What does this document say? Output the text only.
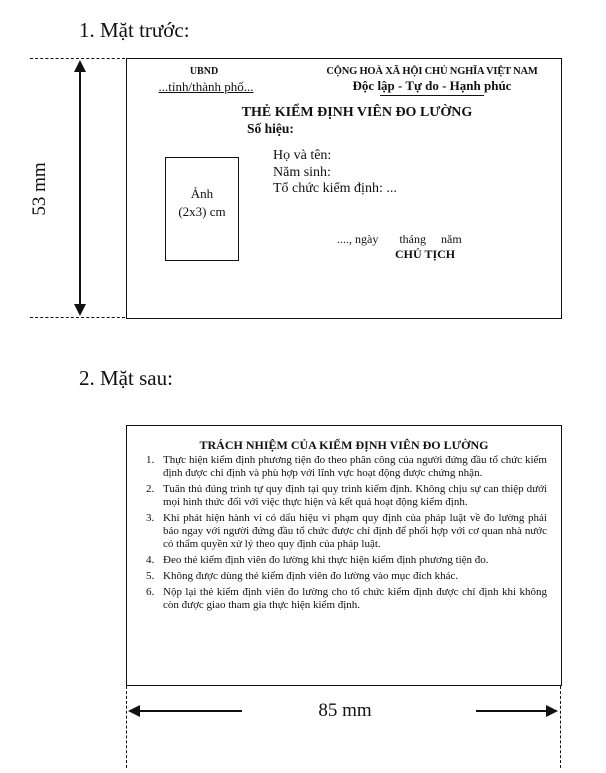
1. Mặt trước:
53 mm
UBND
...tỉnh/thành phố...
CỘNG HOÀ XÃ HỘI CHỦ NGHĨA VIỆT NAM
Độc lập - Tự do - Hạnh phúc
THẺ KIỂM ĐỊNH VIÊN ĐO LƯỜNG
Số hiệu:
Ảnh
(2x3) cm
Họ và tên:
Năm sinh:
Tổ chức kiểm định: ...
...., ngày       tháng     năm
CHỦ TỊCH
2. Mặt sau:
TRÁCH NHIỆM CỦA KIỂM ĐỊNH VIÊN ĐO LƯỜNG
1. Thực hiện kiểm định phương tiện đo theo phân công của người đứng đầu tổ chức kiểm định được chỉ định và phù hợp với lĩnh vực hoạt động được chứng nhận.
2. Tuân thủ đúng trình tự quy định tại quy trình kiểm định. Không chịu sự can thiệp dưới mọi hình thức đối với việc thực hiện và kết quả hoạt động kiểm định.
3. Khi phát hiện hành vi có dấu hiệu vi phạm quy định của pháp luật về đo lường phải báo ngay với người đứng đầu tổ chức được chỉ định để phối hợp với cơ quan nhà nước có thẩm quyền xử lý theo quy định của pháp luật.
4. Đeo thẻ kiểm định viên đo lường khi thực hiện kiểm định phương tiện đo.
5. Không được dùng thẻ kiểm định viên đo lường vào mục đích khác.
6. Nộp lại thẻ kiểm định viên đo lường cho tổ chức kiểm định được chỉ định khi không còn được giao tham gia thực hiện kiểm định.
85 mm
